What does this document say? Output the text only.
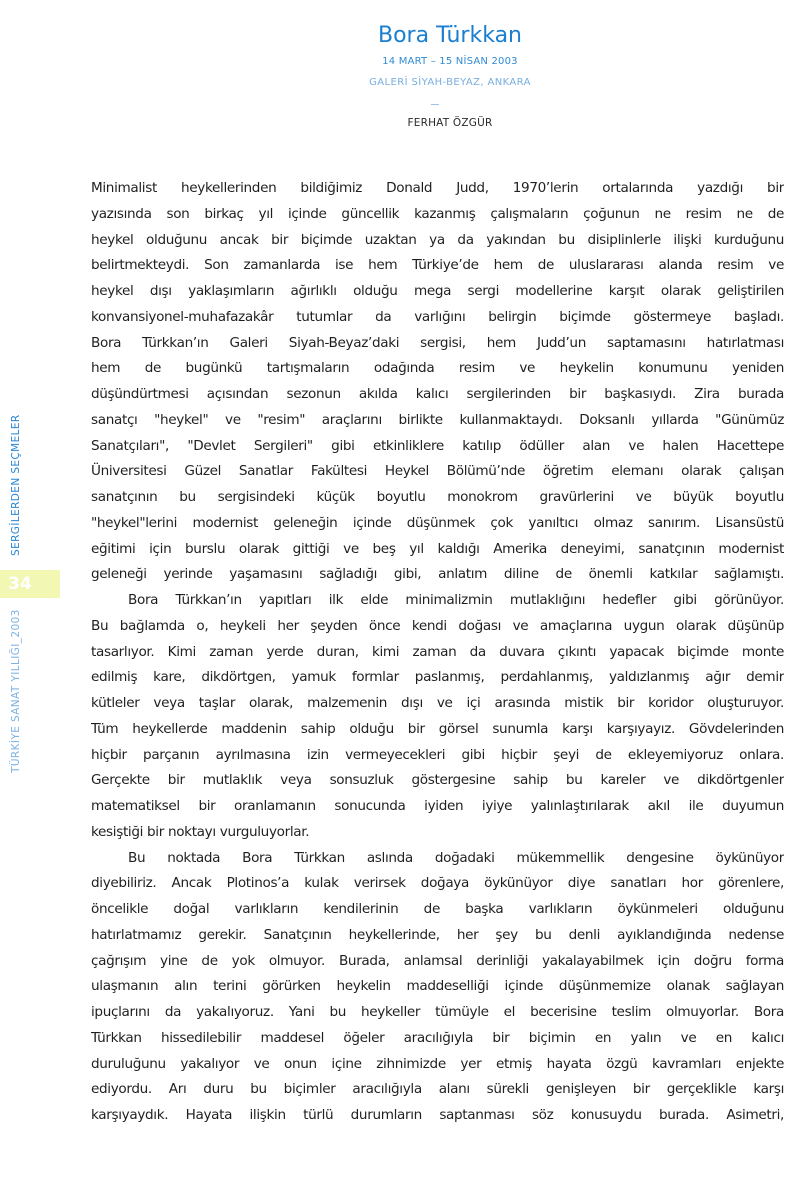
Bora Türkkan
14 MART – 15 NİSAN 2003
GALERİ SİYAH-BEYAZ, ANKARA
FERHAT ÖZGÜR
SERGİLERDEN SEÇMELER
34
TÜRKİYE SANAT YILLIĞI_2003
Minimalist heykellerinden bildiğimiz Donald Judd, 1970’lerin ortalarında yazdığı bir
yazısında son birkaç yıl içinde güncellik kazanmış çalışmaların çoğunun ne resim ne de
heykel olduğunu ancak bir biçimde uzaktan ya da yakından bu disiplinlerle ilişki kurduğunu
belirtmekteydi. Son zamanlarda ise hem Türkiye’de hem de uluslararası alanda resim ve
heykel dışı yaklaşımların ağırlıklı olduğu mega sergi modellerine karşıt olarak geliştirilen
konvansiyonel-muhafazakâr tutumlar da varlığını belirgin biçimde göstermeye başladı.
Bora Türkkan’ın Galeri Siyah-Beyaz’daki sergisi, hem Judd’un saptamasını hatırlatması
hem de bugünkü tartışmaların odağında resim ve heykelin konumunu yeniden
düşündürtmesi açısından sezonun akılda kalıcı sergilerinden bir başkasıydı. Zira burada
sanatçı "heykel" ve "resim" araçlarını birlikte kullanmaktaydı. Doksanlı yıllarda "Günümüz
Sanatçıları", "Devlet Sergileri" gibi etkinliklere katılıp ödüller alan ve halen Hacettepe
Üniversitesi Güzel Sanatlar Fakültesi Heykel Bölümü’nde öğretim elemanı olarak çalışan
sanatçının bu sergisindeki küçük boyutlu monokrom gravürlerini ve büyük boyutlu
"heykel"lerini modernist geleneğin içinde düşünmek çok yanıltıcı olmaz sanırım. Lisansüstü
eğitimi için burslu olarak gittiği ve beş yıl kaldığı Amerika deneyimi, sanatçının modernist
geleneği yerinde yaşamasını sağladığı gibi, anlatım diline de önemli katkılar sağlamıştı.
Bora Türkkan’ın yapıtları ilk elde minimalizmin mutlaklığını hedefler gibi görünüyor.
Bu bağlamda o, heykeli her şeyden önce kendi doğası ve amaçlarına uygun olarak düşünüp
tasarlıyor. Kimi zaman yerde duran, kimi zaman da duvara çıkıntı yapacak biçimde monte
edilmiş kare, dikdörtgen, yamuk formlar paslanmış, perdahlanmış, yaldızlanmış ağır demir
kütleler veya taşlar olarak, malzemenin dışı ve içi arasında mistik bir koridor oluşturuyor.
Tüm heykellerde maddenin sahip olduğu bir görsel sunumla karşı karşıyayız. Gövdelerinden
hiçbir parçanın ayrılmasına izin vermeyecekleri gibi hiçbir şeyi de ekleyemiyoruz onlara.
Gerçekte bir mutlaklık veya sonsuzluk göstergesine sahip bu kareler ve dikdörtgenler
matematiksel bir oranlamanın sonucunda iyiden iyiye yalınlaştırılarak akıl ile duyumun
kesiştiği bir noktayı vurguluyorlar.
Bu noktada Bora Türkkan aslında doğadaki mükemmellik dengesine öykünüyor
diyebiliriz. Ancak Plotinos’a kulak verirsek doğaya öykünüyor diye sanatları hor görenlere,
öncelikle doğal varlıkların kendilerinin de başka varlıkların öykünmeleri olduğunu
hatırlatmamız gerekir. Sanatçının heykellerinde, her şey bu denli ayıklandığında nedense
çağrışım yine de yok olmuyor. Burada, anlamsal derinliği yakalayabilmek için doğru forma
ulaşmanın alın terini görürken heykelin maddeselliği içinde düşünmemize olanak sağlayan
ipuçlarını da yakalıyoruz. Yani bu heykeller tümüyle el becerisine teslim olmuyorlar. Bora
Türkkan hissedilebilir maddesel öğeler aracılığıyla bir biçimin en yalın ve en kalıcı
duruluğunu yakalıyor ve onun içine zihnimizde yer etmiş hayata özgü kavramları enjekte
ediyordu. Arı duru bu biçimler aracılığıyla alanı sürekli genişleyen bir gerçeklikle karşı
karşıyaydık. Hayata ilişkin türlü durumların saptanması söz konusuydu burada. Asimetri,
